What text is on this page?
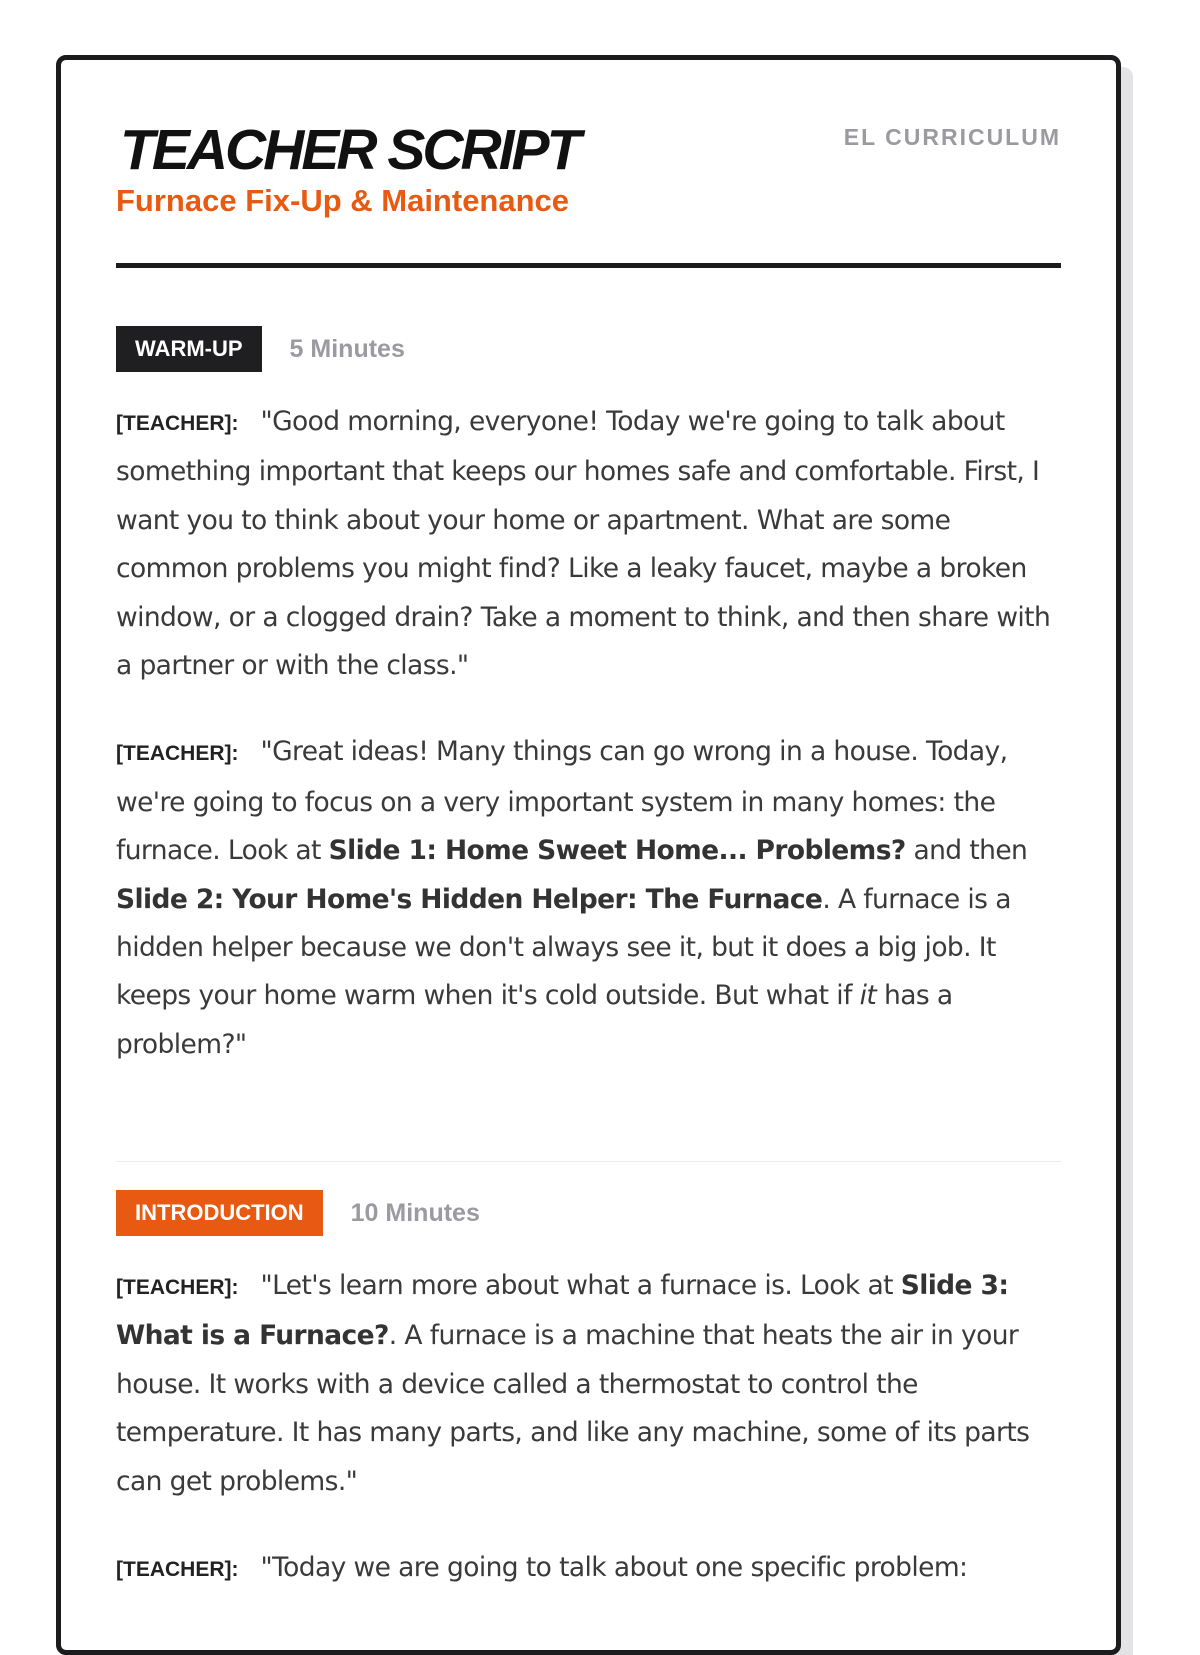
EL CURRICULUM
TEACHER SCRIPT
Furnace Fix-Up & Maintenance
WARM-UP	5 Minutes

[TEACHER]: "Good morning, everyone! Today we're going to talk about something important that keeps our homes safe and comfortable. First, I want you to think about your home or apartment. What are some common problems you might find? Like a leaky faucet, maybe a broken window, or a clogged drain? Take a moment to think, and then share with a partner or with the class."

[TEACHER]: "Great ideas! Many things can go wrong in a house. Today, we're going to focus on a very important system in many homes: the furnace. Look at Slide 1: Home Sweet Home... Problems? and then Slide 2: Your Home's Hidden Helper: The Furnace. A furnace is a hidden helper because we don't always see it, but it does a big job. It keeps your home warm when it's cold outside. But what if it has a problem?"

INTRODUCTION	10 Minutes

[TEACHER]: "Let's learn more about what a furnace is. Look at Slide 3: What is a Furnace?. A furnace is a machine that heats the air in your house. It works with a device called a thermostat to control the temperature. It has many parts, and like any machine, some of its parts can get problems."

[TEACHER]: "Today we are going to talk about one specific problem:
